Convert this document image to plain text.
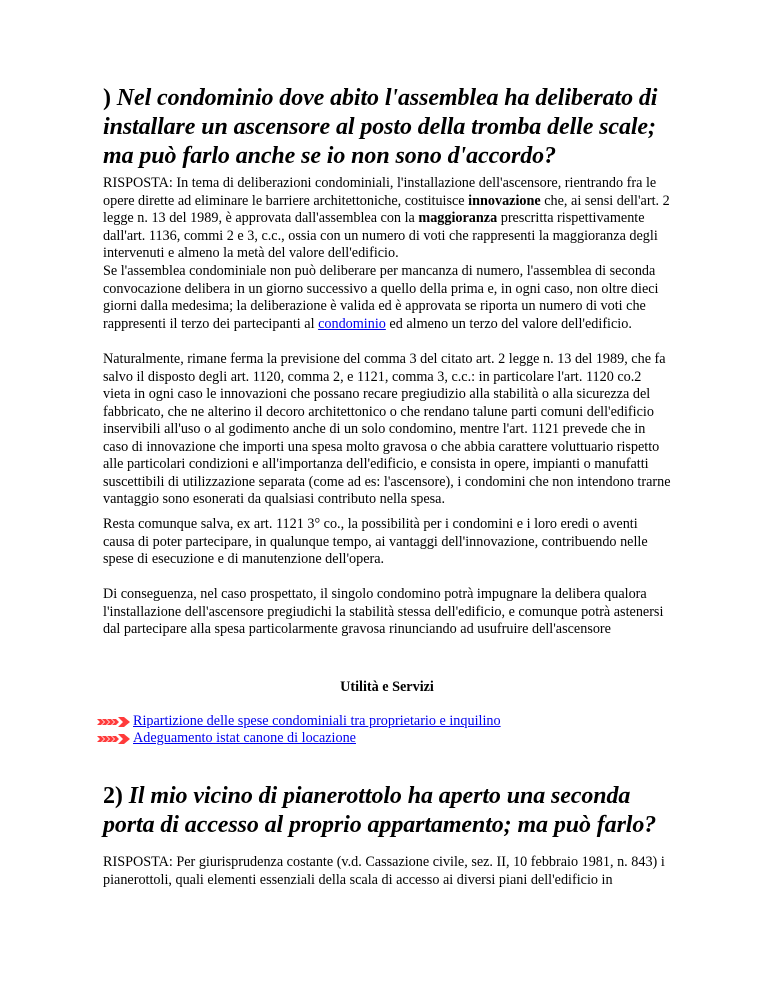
) Nel condominio dove abito l'assemblea ha deliberato di installare un ascensore al posto della tromba delle scale; ma può farlo anche se io non sono d'accordo?

RISPOSTA: In tema di deliberazioni condominiali, l'installazione dell'ascensore, rientrando fra le opere dirette ad eliminare le barriere architettoniche, costituisce innovazione che, ai sensi dell'art. 2 legge n. 13 del 1989, è approvata dall'assemblea con la maggioranza prescritta rispettivamente dall'art. 1136, commi 2 e 3, c.c., ossia con un numero di voti che rappresenti la maggioranza degli intervenuti e almeno la metà del valore dell'edificio.

Se l'assemblea condominiale non può deliberare per mancanza di numero, l'assemblea di seconda convocazione delibera in un giorno successivo a quello della prima e, in ogni caso, non oltre dieci giorni dalla medesima; la deliberazione è valida ed è approvata se riporta un numero di voti che rappresenti il terzo dei partecipanti al condominio ed almeno un terzo del valore dell'edificio.

Naturalmente, rimane ferma la previsione del comma 3 del citato art. 2 legge n. 13 del 1989, che fa salvo il disposto degli art. 1120, comma 2, e 1121, comma 3, c.c.: in particolare l'art. 1120 co.2 vieta in ogni caso le innovazioni che possano recare pregiudizio alla stabilità o alla sicurezza del fabbricato, che ne alterino il decoro architettonico o che rendano talune parti comuni dell'edificio inservibili all'uso o al godimento anche di un solo condomino, mentre l'art. 1121 prevede che in caso di innovazione che importi una spesa molto gravosa o che abbia carattere voluttuario rispetto alle particolari condizioni e all'importanza dell'edificio, e consista in opere, impianti o manufatti suscettibili di utilizzazione separata (come ad es: l'ascensore), i condomini che non intendono trarne vantaggio sono esonerati da qualsiasi contributo nella spesa.

Resta comunque salva, ex art. 1121 3° co., la possibilità per i condomini e i loro eredi o aventi causa di poter partecipare, in qualunque tempo, ai vantaggi dell'innovazione, contribuendo nelle spese di esecuzione e di manutenzione dell'opera.

Di conseguenza, nel caso prospettato, il singolo condomino potrà impugnare la delibera qualora l'installazione dell'ascensore pregiudichi la stabilità stessa dell'edificio, e comunque potrà astenersi dal partecipare alla spesa particolarmente gravosa rinunciando ad usufruire dell'ascensore

Utilità e Servizi
Ripartizione delle spese condominiali tra proprietario e inquilino
Adeguamento istat canone di locazione
2) Il mio vicino di pianerottolo ha aperto una seconda porta di accesso al proprio appartamento; ma può farlo?

RISPOSTA: Per giurisprudenza costante (v.d. Cassazione civile, sez. II, 10 febbraio 1981, n. 843) i pianerottoli, quali elementi essenziali della scala di accesso ai diversi piani dell'edificio in
